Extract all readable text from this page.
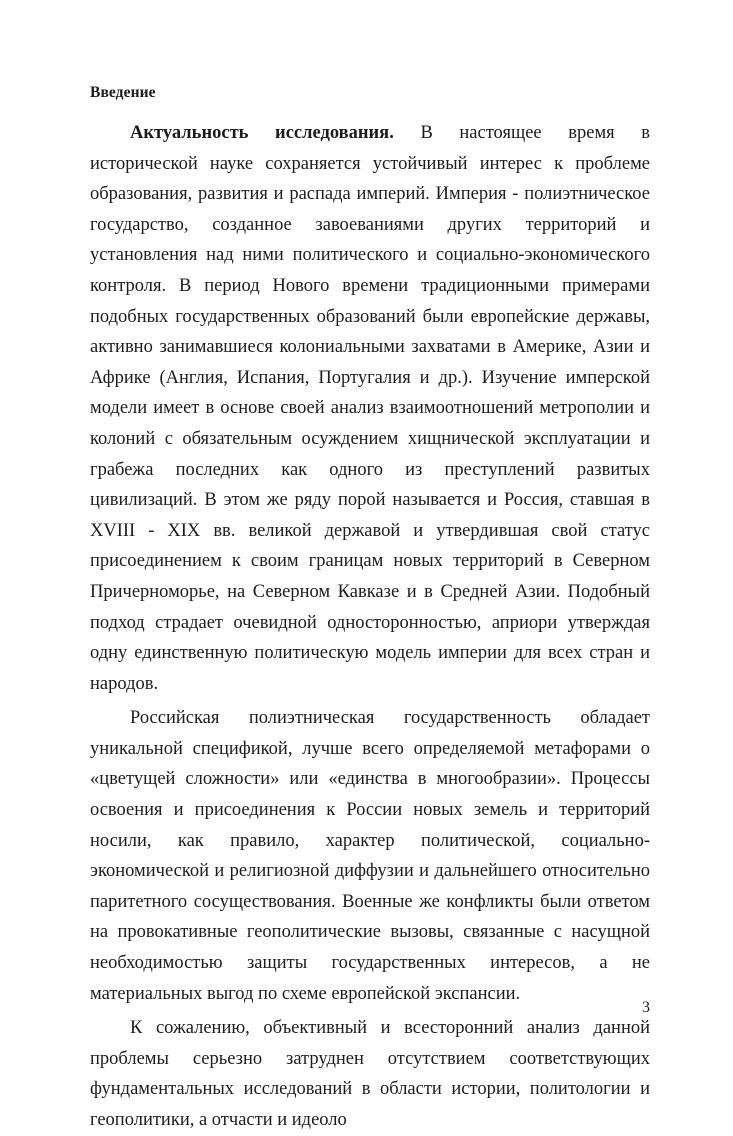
Введение

Актуальность исследования. В настоящее время в исторической науке сохраняется устойчивый интерес к проблеме образования, развития и распада империй. Империя - полиэтническое государство, созданное завоеваниями других территорий и установления над ними политического и социально-экономического контроля. В период Нового времени традиционными примерами подобных государственных образований были европейские державы, активно занимавшиеся колониальными захватами в Америке, Азии и Африке (Англия, Испания, Португалия и др.). Изучение имперской модели имеет в основе своей анализ взаимоотношений метрополии и колоний с обязательным осуждением хищнической эксплуатации и грабежа последних как одного из преступлений развитых цивилизаций. В этом же ряду порой называется и Россия, ставшая в XVIII - XIX вв. великой державой и утвердившая свой статус присоединением к своим границам новых территорий в Северном Причерноморье, на Северном Кавказе и в Средней Азии. Подобный подход страдает очевидной односторонностью, априори утверждая одну единственную политическую модель империи для всех стран и народов.

Российская полиэтническая государственность обладает уникальной спецификой, лучше всего определяемой метафорами о «цветущей сложности» или «единства в многообразии». Процессы освоения и присоединения к России новых земель и территорий носили, как правило, характер политической, социально-экономической и религиозной диффузии и дальнейшего относительно паритетного сосуществования. Военные же конфликты были ответом на провокативные геополитические вызовы, связанные с насущной необходимостью защиты государственных интересов, а не материальных выгод по схеме европейской экспансии.

К сожалению, объективный и всесторонний анализ данной проблемы серьезно затруднен отсутствием соответствующих фундаментальных исследований в области истории, политологии и геополитики, а отчасти и идеоло

3
